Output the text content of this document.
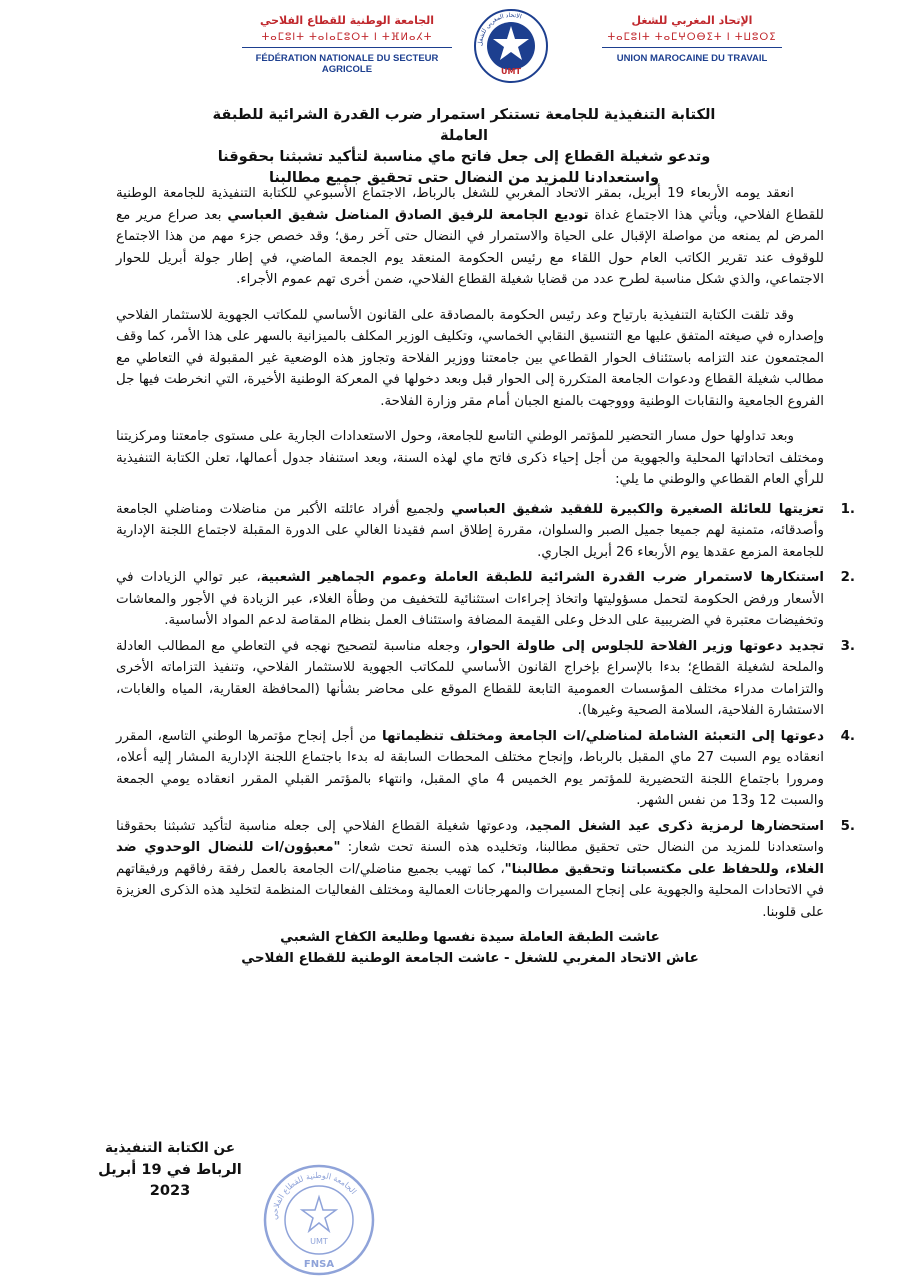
الإتحاد المغربي للشغل
ⵜⴰⵎⵓⵏⵜ ⵜⴰⵎⵖⵔⴱⵉⵜ ⵏ ⵜⵡⵓⵔⵉ
UNION MAROCAINE DU TRAVAIL
الاتحاد المغربي للشغل
UMT
الجامعة الوطنية للقطاع الفلاحي
ⵜⴰⵎⵓⵏⵜ ⵜⴰⵏⴰⵎⵓⵔⵜ ⵏ ⵜⴼⵍⴰⵃⵜ
FÉDÉRATION NATIONALE DU SECTEUR AGRICOLE
الكتابة التنفيذية للجامعة تستنكر استمرار ضرب القدرة الشرائية للطبقة العاملة
وتدعو شغيلة القطاع إلى جعل فاتح ماي مناسبة لتأكيد تشبثنا بحقوقنا
واستعدادنا للمزيد من النضال حتى تحقيق جميع مطالبنا
انعقد يومه الأربعاء 19 أبريل، بمقر الاتحاد المغربي للشغل بالرباط، الاجتماع الأسبوعي للكتابة التنفيذية للجامعة الوطنية للقطاع الفلاحي، ويأتي هذا الاجتماع غداة توديع الجامعة للرفيق الصادق المناضل شفيق العباسي بعد صراع مرير مع المرض لم يمنعه من مواصلة الإقبال على الحياة والاستمرار في النضال حتى آخر رمق؛ وقد خصص جزء مهم من هذا الاجتماع للوقوف عند تقرير الكاتب العام حول اللقاء مع رئيس الحكومة المنعقد يوم الجمعة الماضي، في إطار جولة أبريل للحوار الاجتماعي، والذي شكل مناسبة لطرح عدد من قضايا شغيلة القطاع الفلاحي، ضمن أخرى تهم عموم الأجراء.
وقد تلقت الكتابة التنفيذية بارتياح وعد رئيس الحكومة بالمصادقة على القانون الأساسي للمكاتب الجهوية للاستثمار الفلاحي وإصداره في صيغته المتفق عليها مع التنسيق النقابي الخماسي، وتكليف الوزير المكلف بالميزانية بالسهر على هذا الأمر، كما وقف المجتمعون عند التزامه باستئناف الحوار القطاعي بين جامعتنا ووزير الفلاحة وتجاوز هذه الوضعية غير المقبولة في التعاطي مع مطالب شغيلة القطاع ودعوات الجامعة المتكررة إلى الحوار قبل وبعد دخولها في المعركة الوطنية الأخيرة، التي انخرطت فيها جل الفروع الجامعية والنقابات الوطنية وووجهت بالمنع الجبان أمام مقر وزارة الفلاحة.
وبعد تداولها حول مسار التحضير للمؤتمر الوطني التاسع للجامعة، وحول الاستعدادات الجارية على مستوى جامعتنا ومركزيتنا ومختلف اتحاداتها المحلية والجهوية من أجل إحياء ذكرى فاتح ماي لهذه السنة، وبعد استنفاد جدول أعمالها، تعلن الكتابة التنفيذية للرأي العام القطاعي والوطني ما يلي:
1.
تعزيتها للعائلة الصغيرة والكبيرة للفقيد شفيق العباسي ولجميع أفراد عائلته الأكبر من مناضلات ومناضلي الجامعة وأصدقائه، متمنية لهم جميعا جميل الصبر والسلوان، مقررة إطلاق اسم فقيدنا الغالي على الدورة المقبلة لاجتماع اللجنة الإدارية للجامعة المزمع عقدها يوم الأربعاء 26 أبريل الجاري.
2.
استنكارها لاستمرار ضرب القدرة الشرائية للطبقة العاملة وعموم الجماهير الشعبية، عبر توالي الزيادات في الأسعار ورفض الحكومة لتحمل مسؤوليتها واتخاذ إجراءات استثنائية للتخفيف من وطأة الغلاء، عبر الزيادة في الأجور والمعاشات وتخفيضات معتبرة في الضريبية على الدخل وعلى القيمة المضافة واستئناف العمل بنظام المقاصة لدعم المواد الأساسية.
3.
تجديد دعوتها وزير الفلاحة للجلوس إلى طاولة الحوار، وجعله مناسبة لتصحيح نهجه في التعاطي مع المطالب العادلة والملحة لشغيلة القطاع؛ بدءا بالإسراع بإخراج القانون الأساسي للمكاتب الجهوية للاستثمار الفلاحي، وتنفيذ التزاماته الأخرى والتزامات مدراء مختلف المؤسسات العمومية التابعة للقطاع الموقع على محاضر بشأنها (المحافظة العقارية، المياه والغابات، الاستشارة الفلاحية، السلامة الصحية وغيرها).
4.
دعوتها إلى التعبئة الشاملة لمناضلي/ات الجامعة ومختلف تنظيماتها من أجل إنجاح مؤتمرها الوطني التاسع، المقرر انعقاده يوم السبت 27 ماي المقبل بالرباط، وإنجاح مختلف المحطات السابقة له بدءا باجتماع اللجنة الإدارية المشار إليه أعلاه، ومرورا باجتماع اللجنة التحضيرية للمؤتمر يوم الخميس 4 ماي المقبل، وانتهاء بالمؤتمر القبلي المقرر انعقاده يومي الجمعة والسبت 12 و13 من نفس الشهر.
5.
استحضارها لرمزية ذكرى عيد الشغل المجيد، ودعوتها شغيلة القطاع الفلاحي إلى جعله مناسبة لتأكيد تشبثنا بحقوقنا واستعدادنا للمزيد من النضال حتى تحقيق مطالبنا، وتخليده هذه السنة تحت شعار: "معبؤون/ات للنضال الوحدوي ضد الغلاء، وللحفاظ على مكتسباتنا وتحقيق مطالبنا"، كما تهيب بجميع مناضلي/ات الجامعة بالعمل رفقة رفاقهم ورفيقاتهم في الاتحادات المحلية والجهوية على إنجاح المسيرات والمهرجانات العمالية ومختلف الفعاليات المنظمة لتخليد هذه الذكرى العزيزة على قلوبنا.
عاشت الطبقة العاملة سيدة نفسها وطليعة الكفاح الشعبي
عاش الاتحاد المغربي للشغل - عاشت الجامعة الوطنية للقطاع الفلاحي
عن الكتابة التنفيذية
الرباط في 19 أبريل 2023
الجامعة الوطنية للقطاع الفلاحي
UMT
FNSA
